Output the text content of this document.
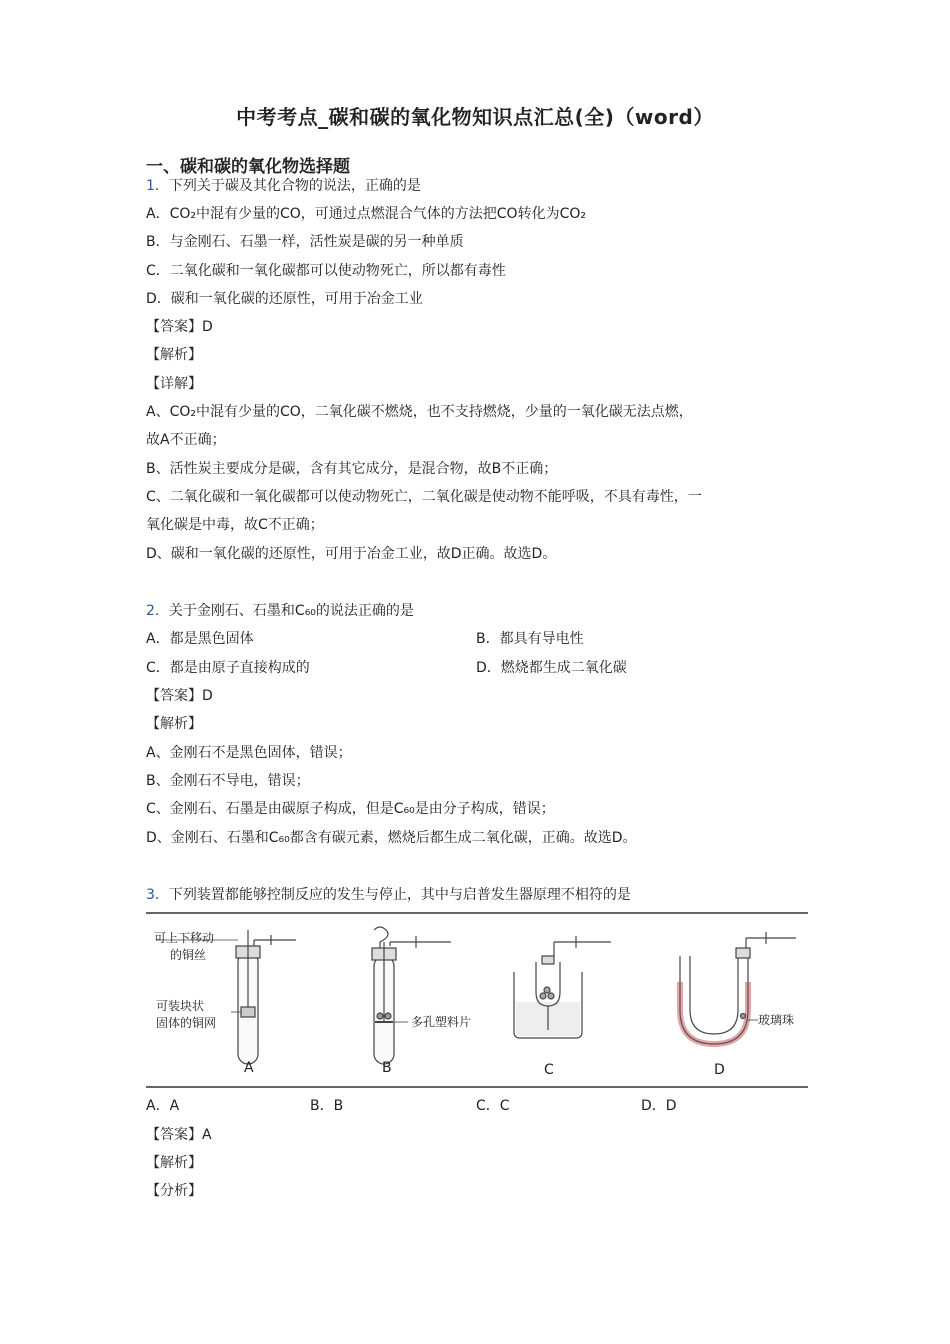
中考考点_碳和碳的氧化物知识点汇总(全)（word）
一、碳和碳的氧化物选择题
1．下列关于碳及其化合物的说法，正确的是
A．CO₂中混有少量的CO，可通过点燃混合气体的方法把CO转化为CO₂
B．与金刚石、石墨一样，活性炭是碳的另一种单质
C．二氧化碳和一氧化碳都可以使动物死亡，所以都有毒性
D．碳和一氧化碳的还原性，可用于冶金工业
【答案】D
【解析】
【详解】
A、CO₂中混有少量的CO，二氧化碳不燃烧，也不支持燃烧，少量的一氧化碳无法点燃，
故A不正确；
B、活性炭主要成分是碳，含有其它成分，是混合物，故B不正确；
C、二氧化碳和一氧化碳都可以使动物死亡，二氧化碳是使动物不能呼吸，不具有毒性，一
氧化碳是中毒，故C不正确；
D、碳和一氧化碳的还原性，可用于冶金工业，故D正确。故选D。
2．关于金刚石、石墨和C₆₀的说法正确的是
A．都是黑色固体	B．都具有导电性
C．都是由原子直接构成的	D．燃烧都生成二氧化碳
【答案】D
【解析】
A、金刚石不是黑色固体，错误；
B、金刚石不导电，错误；
C、金刚石、石墨是由碳原子构成，但是C₆₀是由分子构成，错误；
D、金刚石、石墨和C₆₀都含有碳元素，燃烧后都生成二氧化碳，正确。故选D。
3．下列装置都能够控制反应的发生与停止，其中与启普发生器原理不相符的是
可上下移动
的铜丝
可装块状
固体的铜网
A
多孔塑料片
B	C
玻璃珠
D
A．A	B．B	C．C	D．D
【答案】A
【解析】
【分析】
